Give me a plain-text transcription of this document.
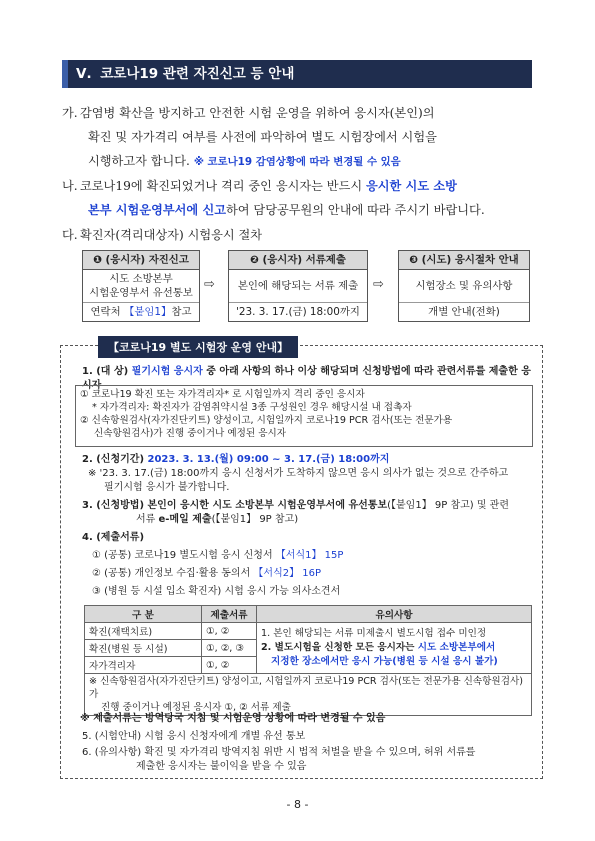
Ⅴ. 코로나19 관련 자진신고 등 안내
가. 감염병 확산을 방지하고 안전한 시험 운영을 위하여 응시자(본인)의
확진 및 자가격리 여부를 사전에 파악하여 별도 시험장에서 시험을
시행하고자 합니다. ※ 코로나19 감염상황에 따라 변경될 수 있음
나. 코로나19에 확진되었거나 격리 중인 응시자는 반드시 응시한 시도 소방
본부 시험운영부서에 신고하여 담당공무원의 안내에 따라 주시기 바랍니다.
다. 확진자(격리대상자) 시험응시 절차
❶ (응시자) 자진신고
시도 소방본부
시험운영부서 유선통보
연락처 【붙임1】참고
⇨
❷ (응시자) 서류제출
본인에 해당되는 서류 제출
'23. 3. 17.(금) 18:00까지
⇨
❸ (시도) 응시절차 안내
시험장소 및 유의사항
개별 안내(전화)
【코로나19 별도 시험장 운영 안내】
1. (대 상) 필기시험 응시자 중 아래 사항의 하나 이상 해당되며 신청방법에 따라 관련서류를 제출한 응시자
① 코로나19 확진 또는 자가격리자* 로 시험일까지 격리 중인 응시자
* 자가격리자: 확진자가 감염취약시설 3종 구성원인 경우 해당시설 내 접촉자
② 신속항원검사(자가진단키트) 양성이고, 시험일까지 코로나19 PCR 검사(또는 전문가용
신속항원검사)가 진행 중이거나 예정된 응시자
2. (신청기간) 2023. 3. 13.(월) 09:00 ~ 3. 17.(금) 18:00까지
※ '23. 3. 17.(금) 18:00까지 응시 신청서가 도착하지 않으면 응시 의사가 없는 것으로 간주하고
필기시험 응시가 불가합니다.
3. (신청방법) 본인이 응시한 시도 소방본부 시험운영부서에 유선통보(【붙임1】 9P 참고) 및 관련
서류 e-메일 제출(【붙임1】 9P 참고)
4. (제출서류)
① (공통) 코로나19 별도시험 응시 신청서 【서식1】 15P
② (공통) 개인정보 수집·활용 동의서 【서식2】 16P
③ (병원 등 시설 입소 확진자) 시험 응시 가능 의사소견서
구 분	제출서류	유의사항
확진(재택치료)	①, ②	1. 본인 해당되는 서류 미제출시 별도시험 접수 미인정
2. 별도시험을 신청한 모든 응시자는 시도 소방본부에서
지정한 장소에서만 응시 가능(병원 등 시설 응시 불가)

확진(병원 등 시설)	①, ②, ③	
자가격리자	①, ②	

※ 신속항원검사(자가진단키트) 양성이고, 시험일까지 코로나19 PCR 검사(또는 전문가용 신속항원검사)가
진행 중이거나 예정된 응시자 ①, ② 서류 제출		
※ 제출서류는 방역당국 지침 및 시험운영 상황에 따라 변경될 수 있음
5. (시험안내) 시험 응시 신청자에게 개별 유선 통보
6. (유의사항) 확진 및 자가격리 방역지침 위반 시 법적 처벌을 받을 수 있으며, 허위 서류를
제출한 응시자는 불이익을 받을 수 있음
- 8 -
